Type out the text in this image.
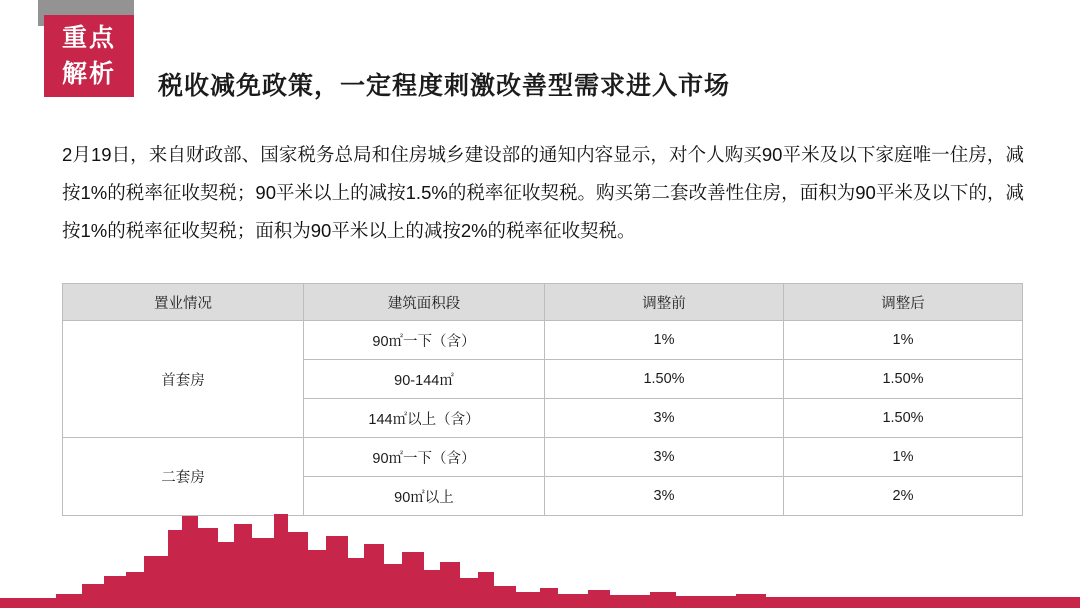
重点
解析 税收减免政策，一定程度刺激改善型需求进入市场
2月19日，来自财政部、国家税务总局和住房城乡建设部的通知内容显示，对个人购买90平米及以下家庭唯一住房，减按1%的税率征收契税；90平米以上的减按1.5%的税率征收契税。购买第二套改善性住房，面积为90平米及以下的，减按1%的税率征收契税；面积为90平米以上的减按2%的税率征收契税。
置业情况	建筑面积段	调整前	调整后
首套房	90㎡一下（含）	1%	1%
	90-144㎡	1.50%	1.50%
	144㎡以上（含）	3%	1.50%
二套房	90㎡一下（含）	3%	1%
	90㎡以上	3%	2%
